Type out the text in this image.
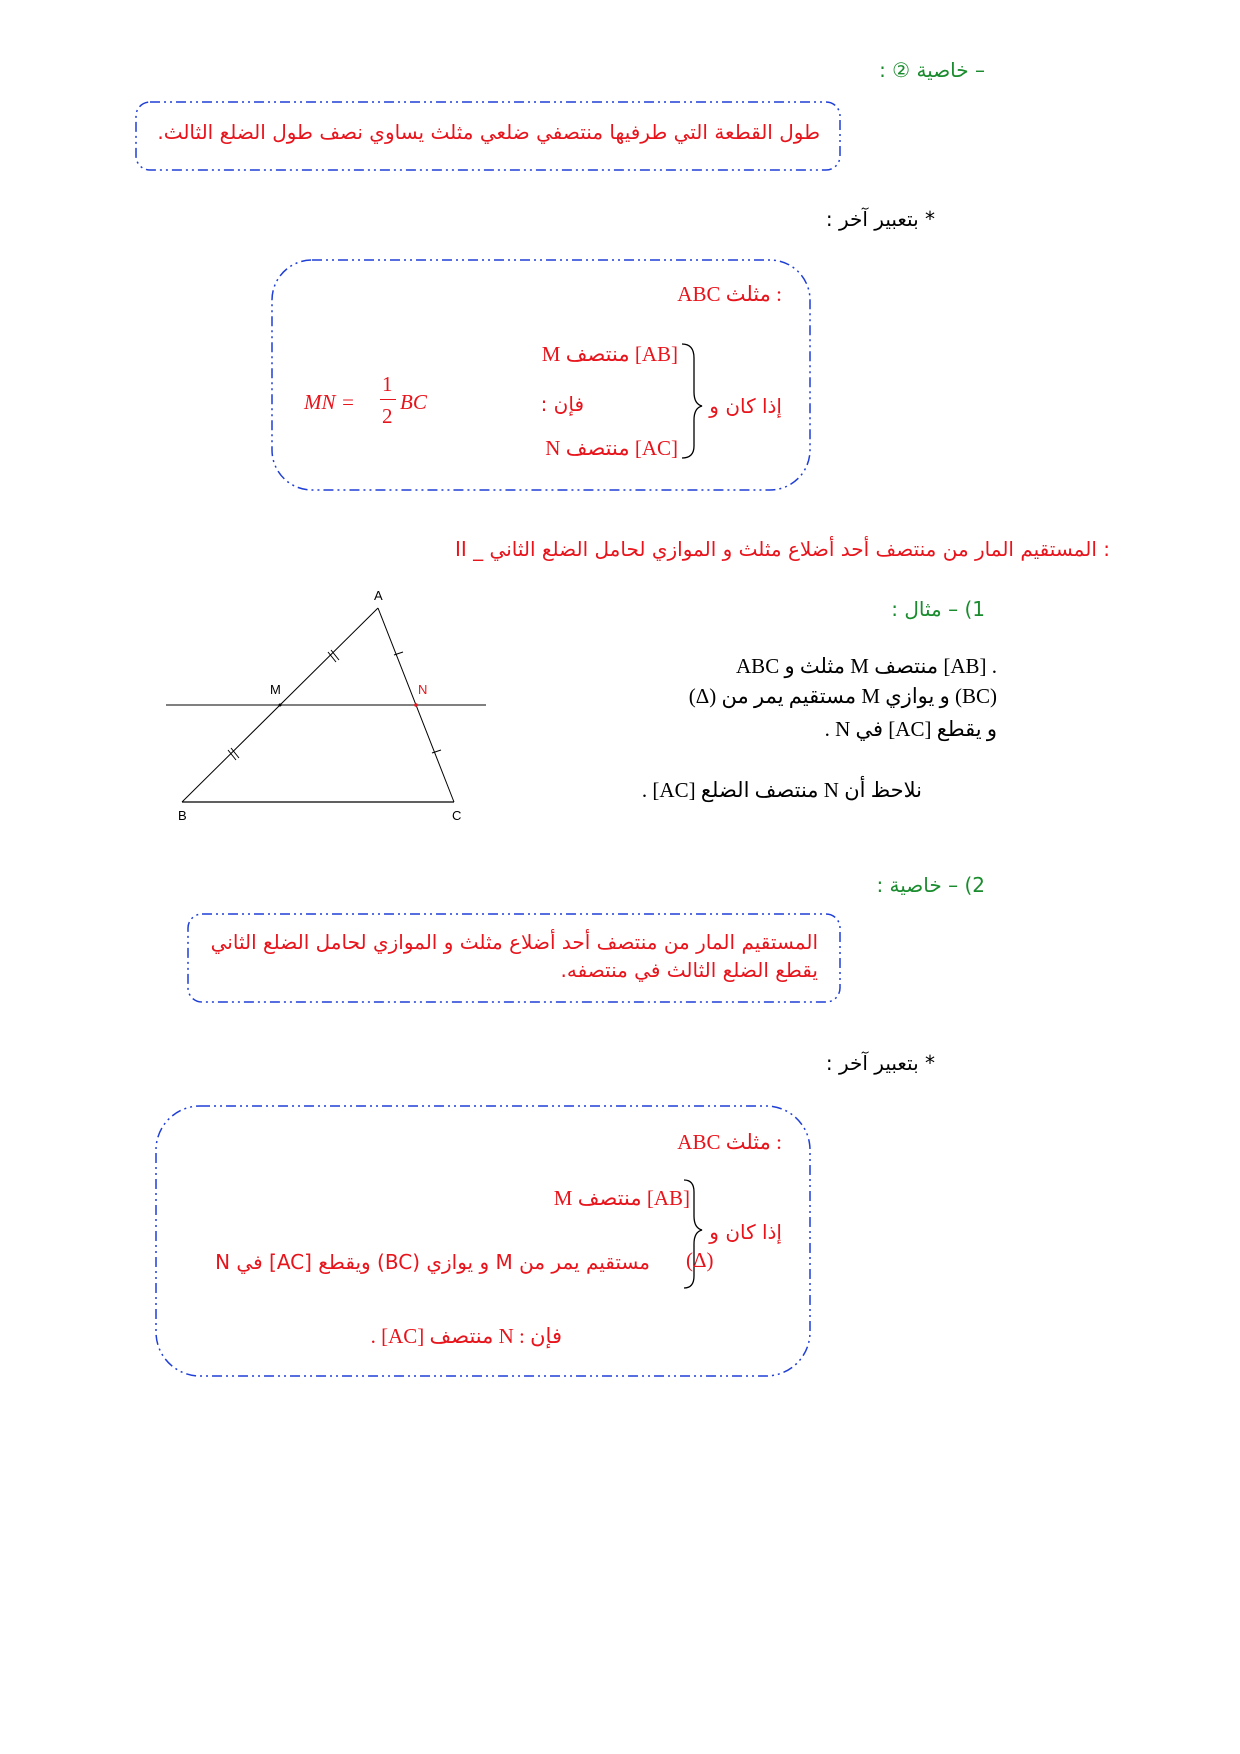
– خاصية ② :
طول القطعة التي طرفيها منتصفي ضلعي مثلث يساوي نصف طول الضلع الثالث.
* بتعبير آخر :
ABC مثلث :
M منتصف [AB]
إذا كان و
N منتصف [AC]
فإن :
MN =
1
2
BC
II _ المستقيم المار من منتصف أحد أضلاع مثلث و الموازي لحامل الضلع الثاني :
1) – مثال :
A
B	C
M	N
ABC مثلث و M منتصف [AB] .
(Δ) مستقيم يمر من M و يوازي (BC)
و يقطع [AC] في N .
نلاحظ أن N منتصف الضلع [AC] .
2) – خاصية :
المستقيم المار من منتصف أحد أضلاع مثلث و الموازي لحامل الضلع الثاني
يقطع الضلع الثالث في منتصفه.
* بتعبير آخر :
ABC مثلث :
M منتصف [AB]
إذا كان و
(Δ)
مستقيم يمر من M و يوازي (BC) ويقطع [AC] في N
فإن : N منتصف [AC] .
